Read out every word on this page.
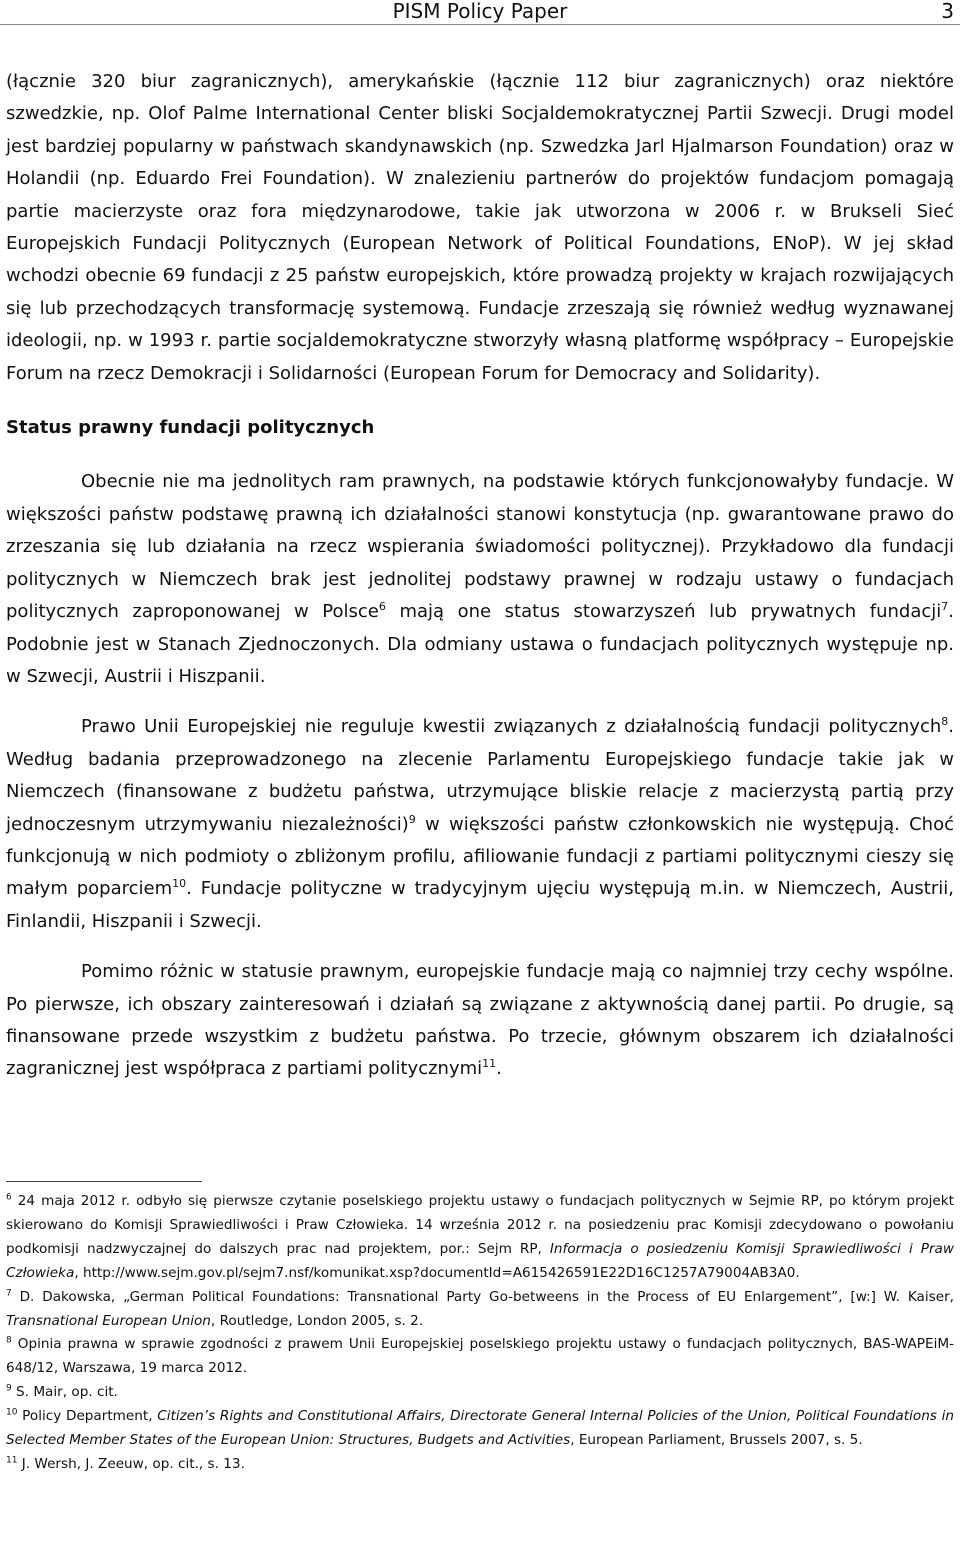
PISM Policy Paper	3

(łącznie 320 biur zagranicznych), amerykańskie (łącznie 112 biur zagranicznych) oraz niektóre szwedzkie, np. Olof Palme International Center bliski Socjaldemokratycznej Partii Szwecji. Drugi model jest bardziej popularny w państwach skandynawskich (np. Szwedzka Jarl Hjalmarson Foundation) oraz w Holandii (np. Eduardo Frei Foundation). W znalezieniu partnerów do projektów fundacjom pomagają partie macierzyste oraz fora międzynarodowe, takie jak utworzona w 2006 r. w Brukseli Sieć Europejskich Fundacji Politycznych (European Network of Political Foundations, ENoP). W jej skład wchodzi obecnie 69 fundacji z 25 państw europejskich, które prowadzą projekty w krajach rozwijających się lub przechodzących transformację systemową. Fundacje zrzeszają się również według wyznawanej ideologii, np. w 1993 r. partie socjaldemokratyczne stworzyły własną platformę współpracy – Europejskie Forum na rzecz Demokracji i Solidarności (European Forum for Democracy and Solidarity).

Status prawny fundacji politycznych

Obecnie nie ma jednolitych ram prawnych, na podstawie których funkcjonowałyby fundacje. W większości państw podstawę prawną ich działalności stanowi konstytucja (np. gwarantowane prawo do zrzeszania się lub działania na rzecz wspierania świadomości politycznej). Przykładowo dla fundacji politycznych w Niemczech brak jest jednolitej podstawy prawnej w rodzaju ustawy o fundacjach politycznych zaproponowanej w Polsce$^6$ mają one status stowarzyszeń lub prywatnych fundacji$^7$. Podobnie jest w Stanach Zjednoczonych. Dla odmiany ustawa o fundacjach politycznych występuje np. w Szwecji, Austrii i Hiszpanii.

Prawo Unii Europejskiej nie reguluje kwestii związanych z działalnością fundacji politycznych$^8$. Według badania przeprowadzonego na zlecenie Parlamentu Europejskiego fundacje takie jak w Niemczech (finansowane z budżetu państwa, utrzymujące bliskie relacje z macierzystą partią przy jednoczesnym utrzymywaniu niezależności)$^9$ w większości państw członkowskich nie występują. Choć funkcjonują w nich podmioty o zbliżonym profilu, afiliowanie fundacji z partiami politycznymi cieszy się małym poparciem$^{10}$. Fundacje polityczne w tradycyjnym ujęciu występują m.in. w Niemczech, Austrii, Finlandii, Hiszpanii i Szwecji.

Pomimo różnic w statusie prawnym, europejskie fundacje mają co najmniej trzy cechy wspólne. Po pierwsze, ich obszary zainteresowań i działań są związane z aktywnością danej partii. Po drugie, są finansowane przede wszystkim z budżetu państwa. Po trzecie, głównym obszarem ich działalności zagranicznej jest współpraca z partiami politycznymi$^{11}$.

$^6$ 24 maja 2012 r. odbyło się pierwsze czytanie poselskiego projektu ustawy o fundacjach politycznych w Sejmie RP, po którym projekt skierowano do Komisji Sprawiedliwości i Praw Człowieka. 14 września 2012 r. na posiedzeniu prac Komisji zdecydowano o powołaniu podkomisji nadzwyczajnej do dalszych prac nad projektem, por.: Sejm RP, Informacja o posiedzeniu Komisji Sprawiedliwości i Praw Człowieka, http://www.sejm.gov.pl/sejm7.nsf/komunikat.xsp?documentId=A615426591E22D16C1257A79004AB3A0.

$^7$ D. Dakowska, „German Political Foundations: Transnational Party Go-betweens in the Process of EU Enlargement”, [w:] W. Kaiser, Transnational European Union, Routledge, London 2005, s. 2.

$^8$ Opinia prawna w sprawie zgodności z prawem Unii Europejskiej poselskiego projektu ustawy o fundacjach politycznych, BAS-WAPEiM-648/12, Warszawa, 19 marca 2012.

$^9$ S. Mair, op. cit.

$^{10}$ Policy Department, Citizen’s Rights and Constitutional Affairs, Directorate General Internal Policies of the Union, Political Foundations in Selected Member States of the European Union: Structures, Budgets and Activities, European Parliament, Brussels 2007, s. 5.

$^{11}$ J. Wersh, J. Zeeuw, op. cit., s. 13.
